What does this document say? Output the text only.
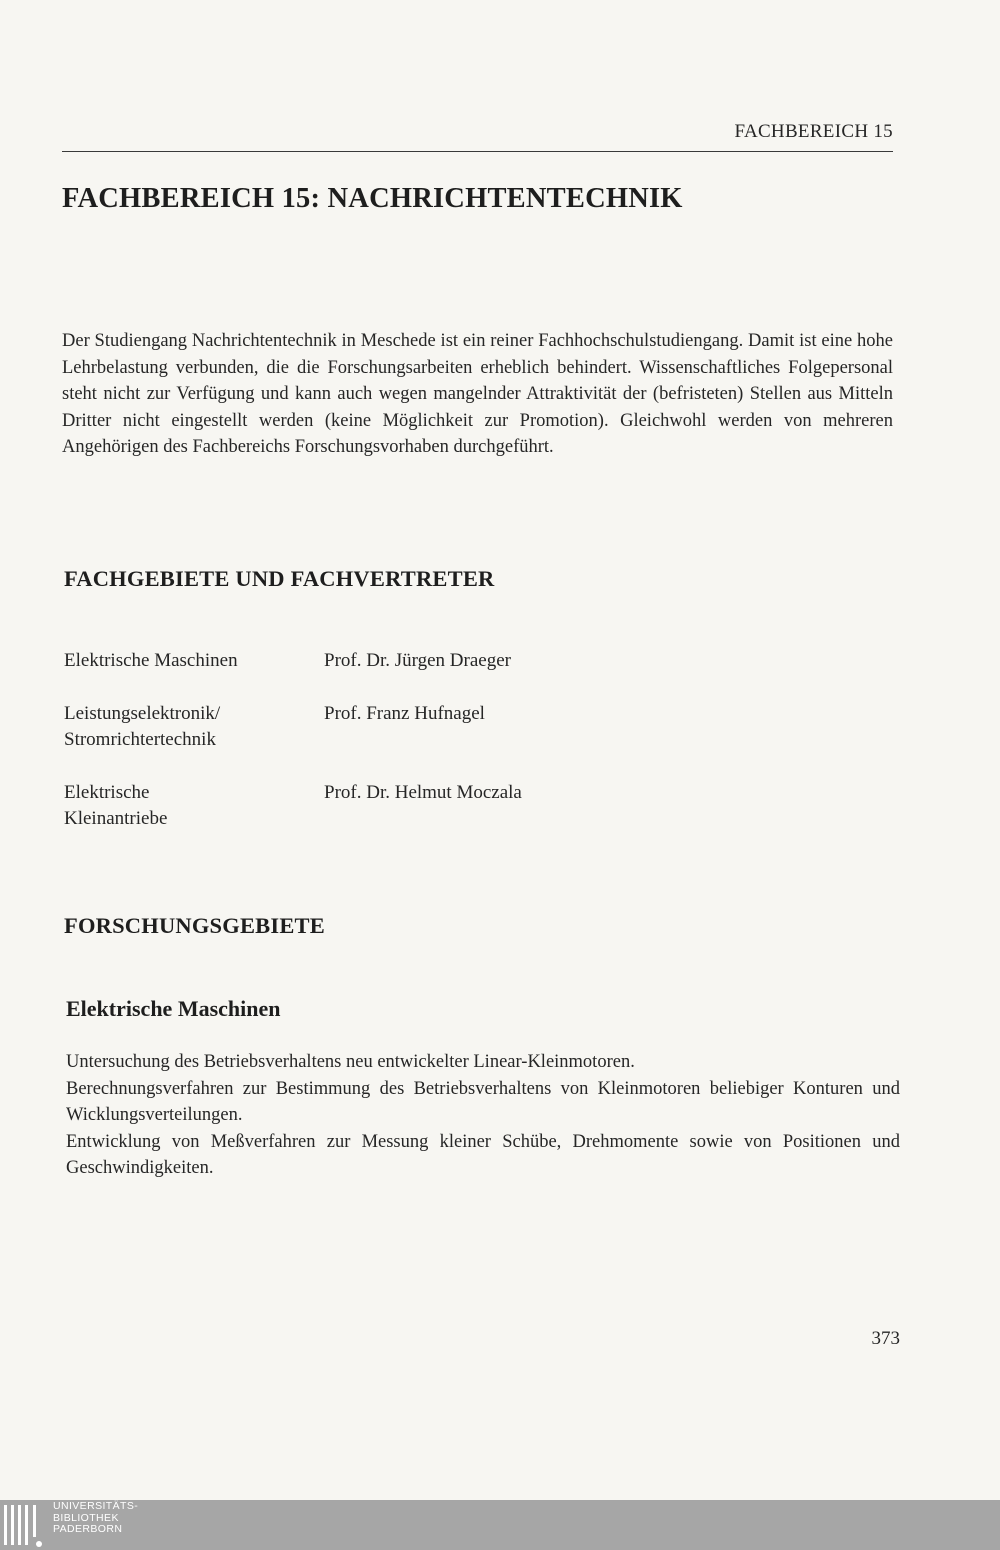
FACHBEREICH 15
FACHBEREICH 15: NACHRICHTENTECHNIK

Der Studiengang Nachrichtentechnik in Meschede ist ein reiner Fachhochschulstudiengang. Damit ist eine hohe Lehrbelastung verbunden, die die Forschungsarbeiten erheblich behindert. Wissenschaftliches Folgepersonal steht nicht zur Verfügung und kann auch wegen mangelnder Attraktivität der (befristeten) Stellen aus Mitteln Dritter nicht eingestellt werden (keine Möglichkeit zur Promotion). Gleichwohl werden von mehreren Angehörigen des Fachbereichs Forschungsvorhaben durchgeführt.

FACHGEBIETE UND FACHVERTRETER
Elektrische Maschinen	Prof. Dr. Jürgen Draeger
Leistungselektronik/
Stromrichtertechnik
Prof. Franz Hufnagel
Elektrische
Kleinantriebe
Prof. Dr. Helmut Moczala
FORSCHUNGSGEBIETE
Elektrische Maschinen

Untersuchung des Betriebsverhaltens neu entwickelter Linear-Kleinmotoren.

Berechnungsverfahren zur Bestimmung des Betriebsverhaltens von Kleinmotoren beliebiger Konturen und Wicklungsverteilungen.

Entwicklung von Meßverfahren zur Messung kleiner Schübe, Drehmomente sowie von Positionen und Geschwindigkeiten.

373
UNIVERSITÄTS-
BIBLIOTHEK
PADERBORN
